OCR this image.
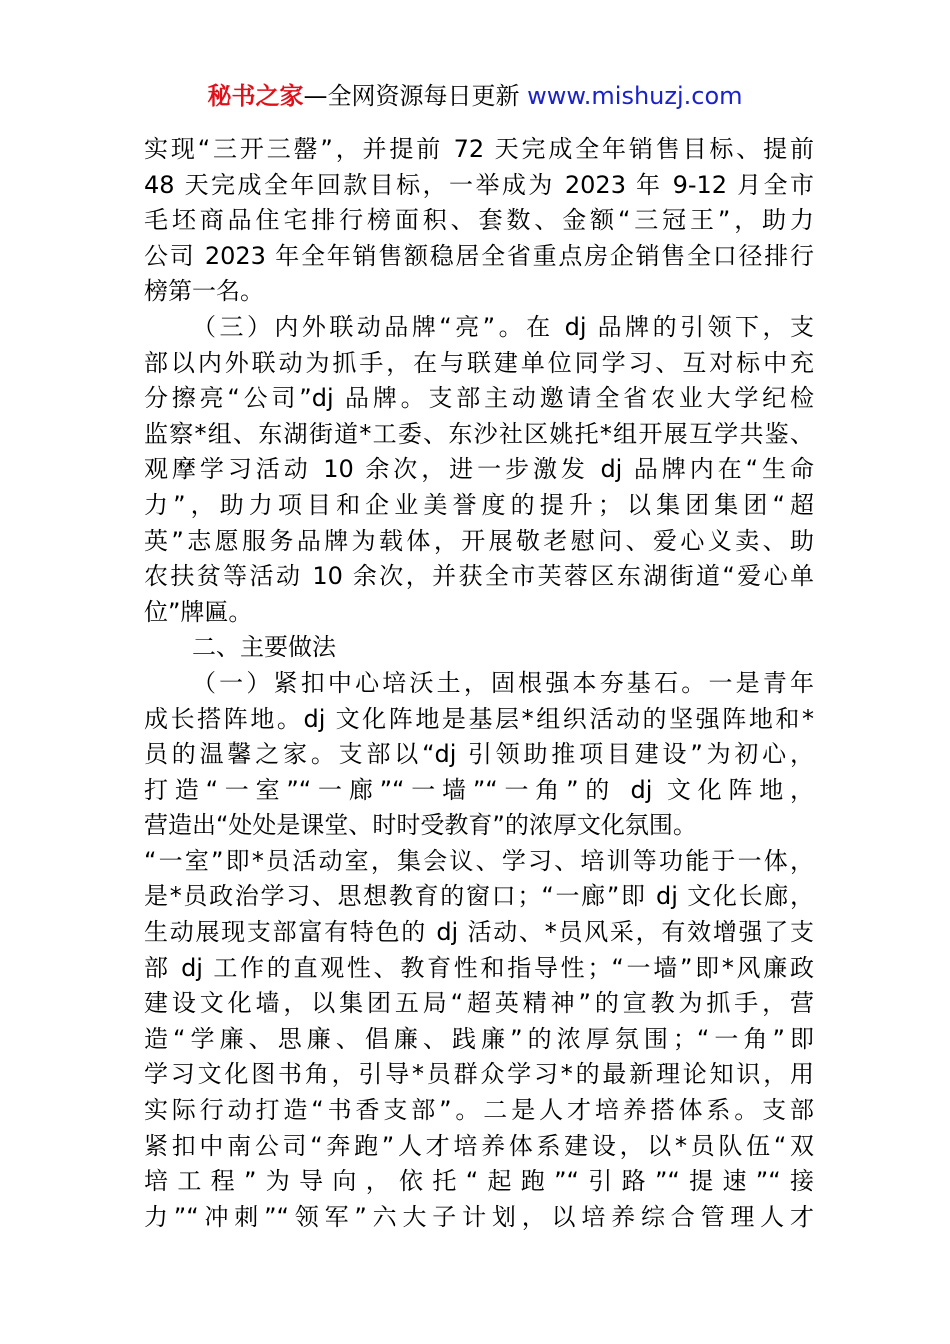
秘书之家—全网资源每日更新 www.mishuzj.com
实现“三开三罄”，并提前 72 天完成全年销售目标、提前
48 天完成全年回款目标，一举成为 2023 年 9-12 月全市
毛坯商品住宅排行榜面积、套数、金额“三冠王”，助力
公司 2023 年全年销售额稳居全省重点房企销售全口径排行
榜第一名。
（三）内外联动品牌“亮”。在 dj 品牌的引领下，支
部以内外联动为抓手，在与联建单位同学习、互对标中充
分擦亮“公司”dj 品牌。支部主动邀请全省农业大学纪检
监察*组、东湖街道*工委、东沙社区姚托*组开展互学共鉴、
观摩学习活动 10 余次，进一步激发 dj 品牌内在“生命
力”，助力项目和企业美誉度的提升；以集团集团“超
英”志愿服务品牌为载体，开展敬老慰问、爱心义卖、助
农扶贫等活动 10 余次，并获全市芙蓉区东湖街道“爱心单
位”牌匾。
二、主要做法
（一）紧扣中心培沃土，固根强本夯基石。一是青年
成长搭阵地。dj 文化阵地是基层*组织活动的坚强阵地和*
员的温馨之家。支部以“dj 引领助推项目建设”为初心，
打造“一室”“一廊”“一墙”“一角”的 dj 文化阵地，
营造出“处处是课堂、时时受教育”的浓厚文化氛围。
“一室”即*员活动室，集会议、学习、培训等功能于一体，
是*员政治学习、思想教育的窗口；“一廊”即 dj 文化长廊，
生动展现支部富有特色的 dj 活动、*员风采，有效增强了支
部 dj 工作的直观性、教育性和指导性；“一墙”即*风廉政
建设文化墙，以集团五局“超英精神”的宣教为抓手，营
造“学廉、思廉、倡廉、践廉”的浓厚氛围；“一角”即
学习文化图书角，引导*员群众学习*的最新理论知识，用
实际行动打造“书香支部”。二是人才培养搭体系。支部
紧扣中南公司“奔跑”人才培养体系建设，以*员队伍“双
培工程”为导向，依托“起跑”“引路”“提速”“接
力”“冲刺”“领军”六大子计划，以培养综合管理人才
